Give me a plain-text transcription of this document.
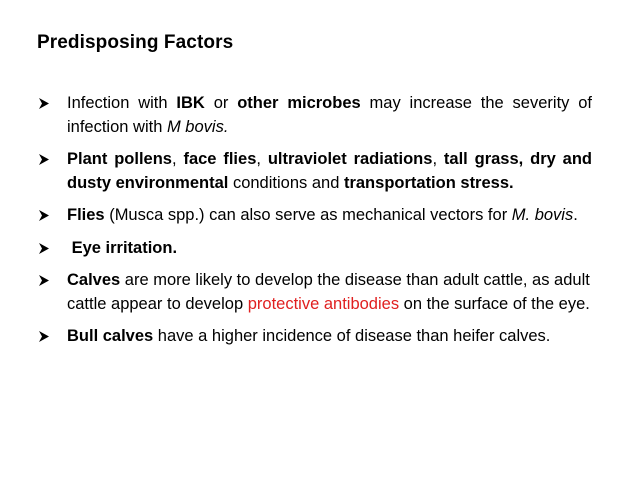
Predisposing Factors
Infection with IBK or other microbes may increase the severity of infection with M bovis.
Plant pollens, face flies, ultraviolet radiations, tall grass, dry and dusty environmental conditions and transportation stress.
Flies (Musca spp.) can also serve as mechanical vectors for M. bovis.
Eye irritation.
Calves are more likely to develop the disease than adult cattle, as adult cattle appear to develop protective antibodies on the surface of the eye.
Bull calves have a higher incidence of disease than heifer calves.
